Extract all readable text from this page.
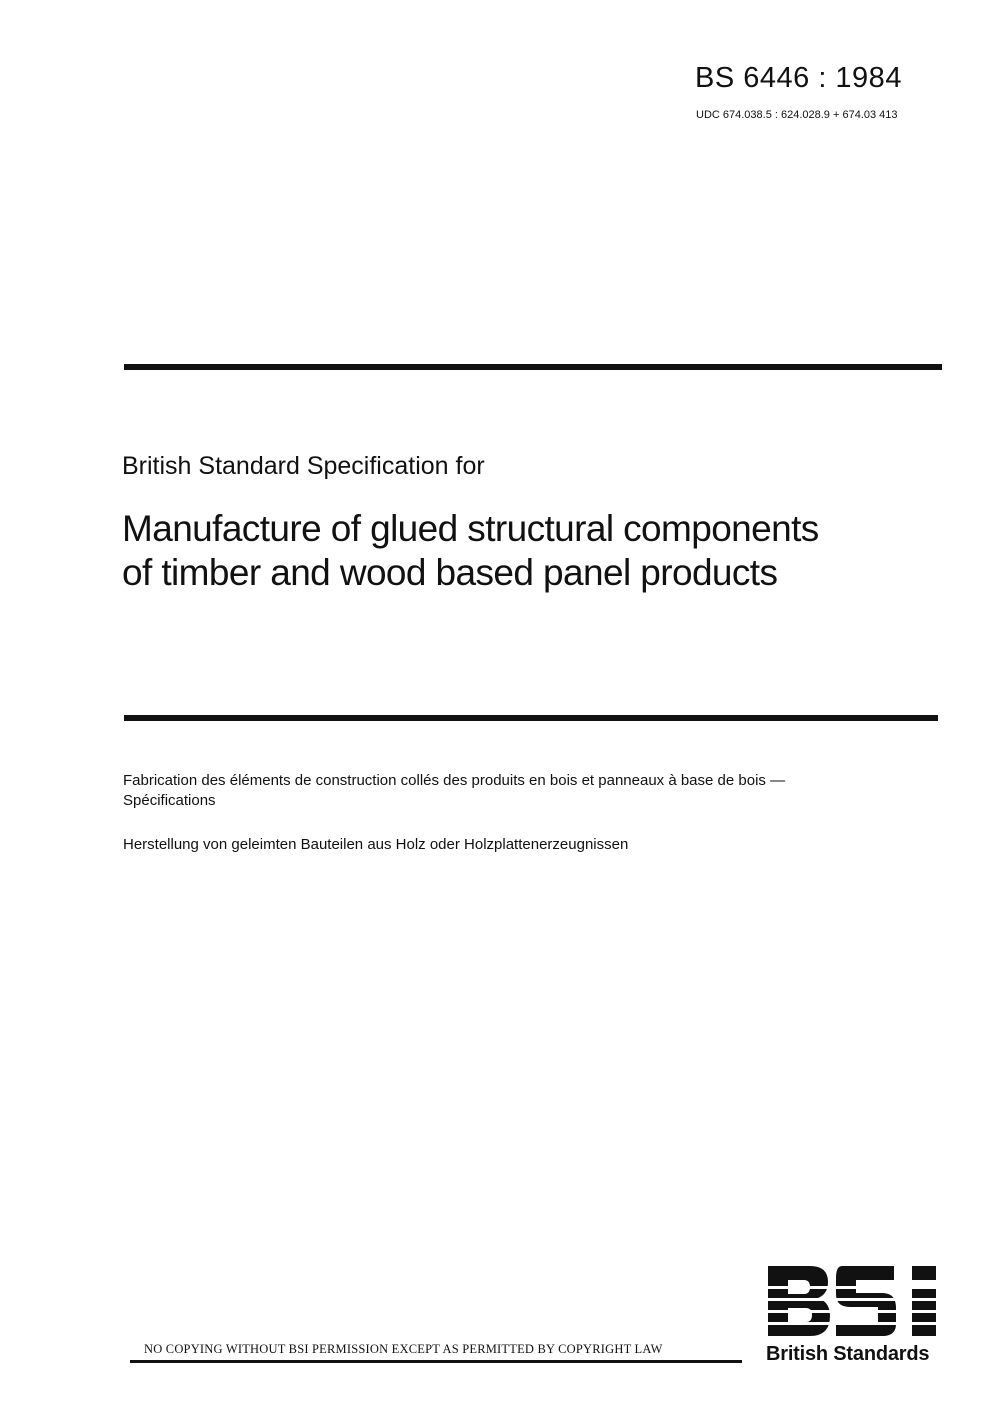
BS 6446 : 1984
UDC 674.038.5 : 624.028.9 + 674.03 413
British Standard Specification for
Manufacture of glued structural components
of timber and wood based panel products
Fabrication des éléments de construction collés des produits en bois et panneaux à base de bois —
Spécifications
Herstellung von geleimten Bauteilen aus Holz oder Holzplattenerzeugnissen
NO COPYING WITHOUT BSI PERMISSION EXCEPT AS PERMITTED BY COPYRIGHT LAW	British Standards
